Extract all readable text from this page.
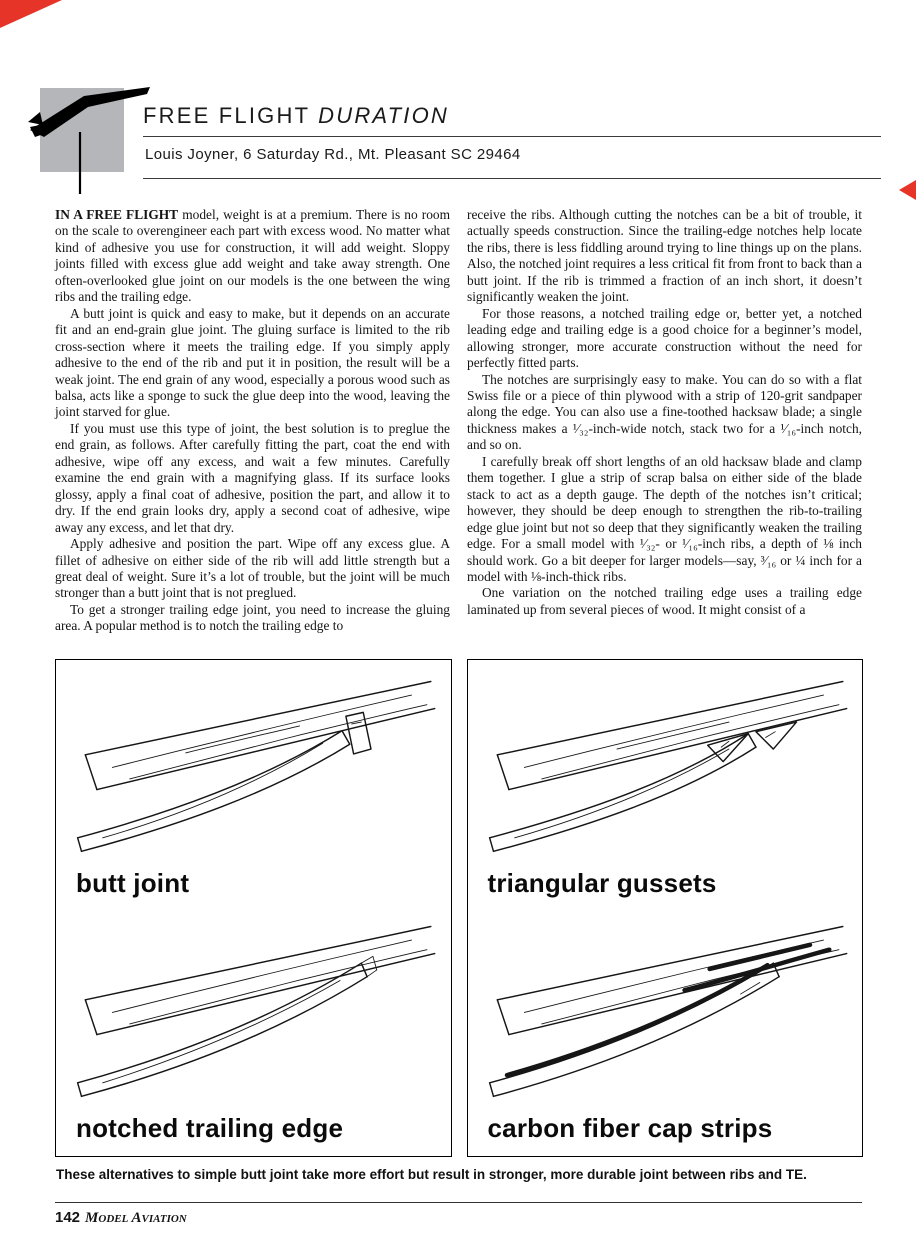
FREE FLIGHT DURATION
Louis Joyner, 6 Saturday Rd., Mt. Pleasant SC 29464

IN A FREE FLIGHT model, weight is at a premium. There is no room on the scale to overengineer each part with excess wood. No matter what kind of adhesive you use for construction, it will add weight. Sloppy joints filled with excess glue add weight and take away strength. One often-overlooked glue joint on our models is the one between the wing ribs and the trailing edge.

A butt joint is quick and easy to make, but it depends on an accurate fit and an end-grain glue joint. The gluing surface is limited to the rib cross-section where it meets the trailing edge. If you simply apply adhesive to the end of the rib and put it in position, the result will be a weak joint. The end grain of any wood, especially a porous wood such as balsa, acts like a sponge to suck the glue deep into the wood, leaving the joint starved for glue.

If you must use this type of joint, the best solution is to preglue the end grain, as follows. After carefully fitting the part, coat the end with adhesive, wipe off any excess, and wait a few minutes. Carefully examine the end grain with a magnifying glass. If its surface looks glossy, apply a final coat of adhesive, position the part, and allow it to dry. If the end grain looks dry, apply a second coat of adhesive, wipe away any excess, and let that dry.

Apply adhesive and position the part. Wipe off any excess glue. A fillet of adhesive on either side of the rib will add little strength but a great deal of weight. Sure it’s a lot of trouble, but the joint will be much stronger than a butt joint that is not preglued.

To get a stronger trailing edge joint, you need to increase the gluing area. A popular method is to notch the trailing edge to

receive the ribs. Although cutting the notches can be a bit of trouble, it actually speeds construction. Since the trailing-edge notches help locate the ribs, there is less fiddling around trying to line things up on the plans. Also, the notched joint requires a less critical fit from front to back than a butt joint. If the rib is trimmed a fraction of an inch short, it doesn’t significantly weaken the joint.

For those reasons, a notched trailing edge or, better yet, a notched leading edge and trailing edge is a good choice for a beginner’s model, allowing stronger, more accurate construction without the need for perfectly fitted parts.

The notches are surprisingly easy to make. You can do so with a flat Swiss file or a piece of thin plywood with a strip of 120-grit sandpaper along the edge. You can also use a fine-toothed hacksaw blade; a single thickness makes a ¹⁄₃₂-inch-wide notch, stack two for a ¹⁄₁₆-inch notch, and so on.

I carefully break off short lengths of an old hacksaw blade and clamp them together. I glue a strip of scrap balsa on either side of the blade stack to act as a depth gauge. The depth of the notches isn’t critical; however, they should be deep enough to strengthen the rib-to-trailing edge glue joint but not so deep that they significantly weaken the trailing edge. For a small model with ¹⁄₃₂- or ¹⁄₁₆-inch ribs, a depth of ⅛ inch should work. Go a bit deeper for larger models—say, ³⁄₁₆ or ¼ inch for a model with ⅛-inch-thick ribs.

One variation on the notched trailing edge uses a trailing edge laminated up from several pieces of wood. It might consist of a

butt joint
notched trailing edge
triangular gussets
carbon fiber cap strips

These alternatives to simple butt joint take more effort but result in stronger, more durable joint between ribs and TE.

142 Model Aviation
